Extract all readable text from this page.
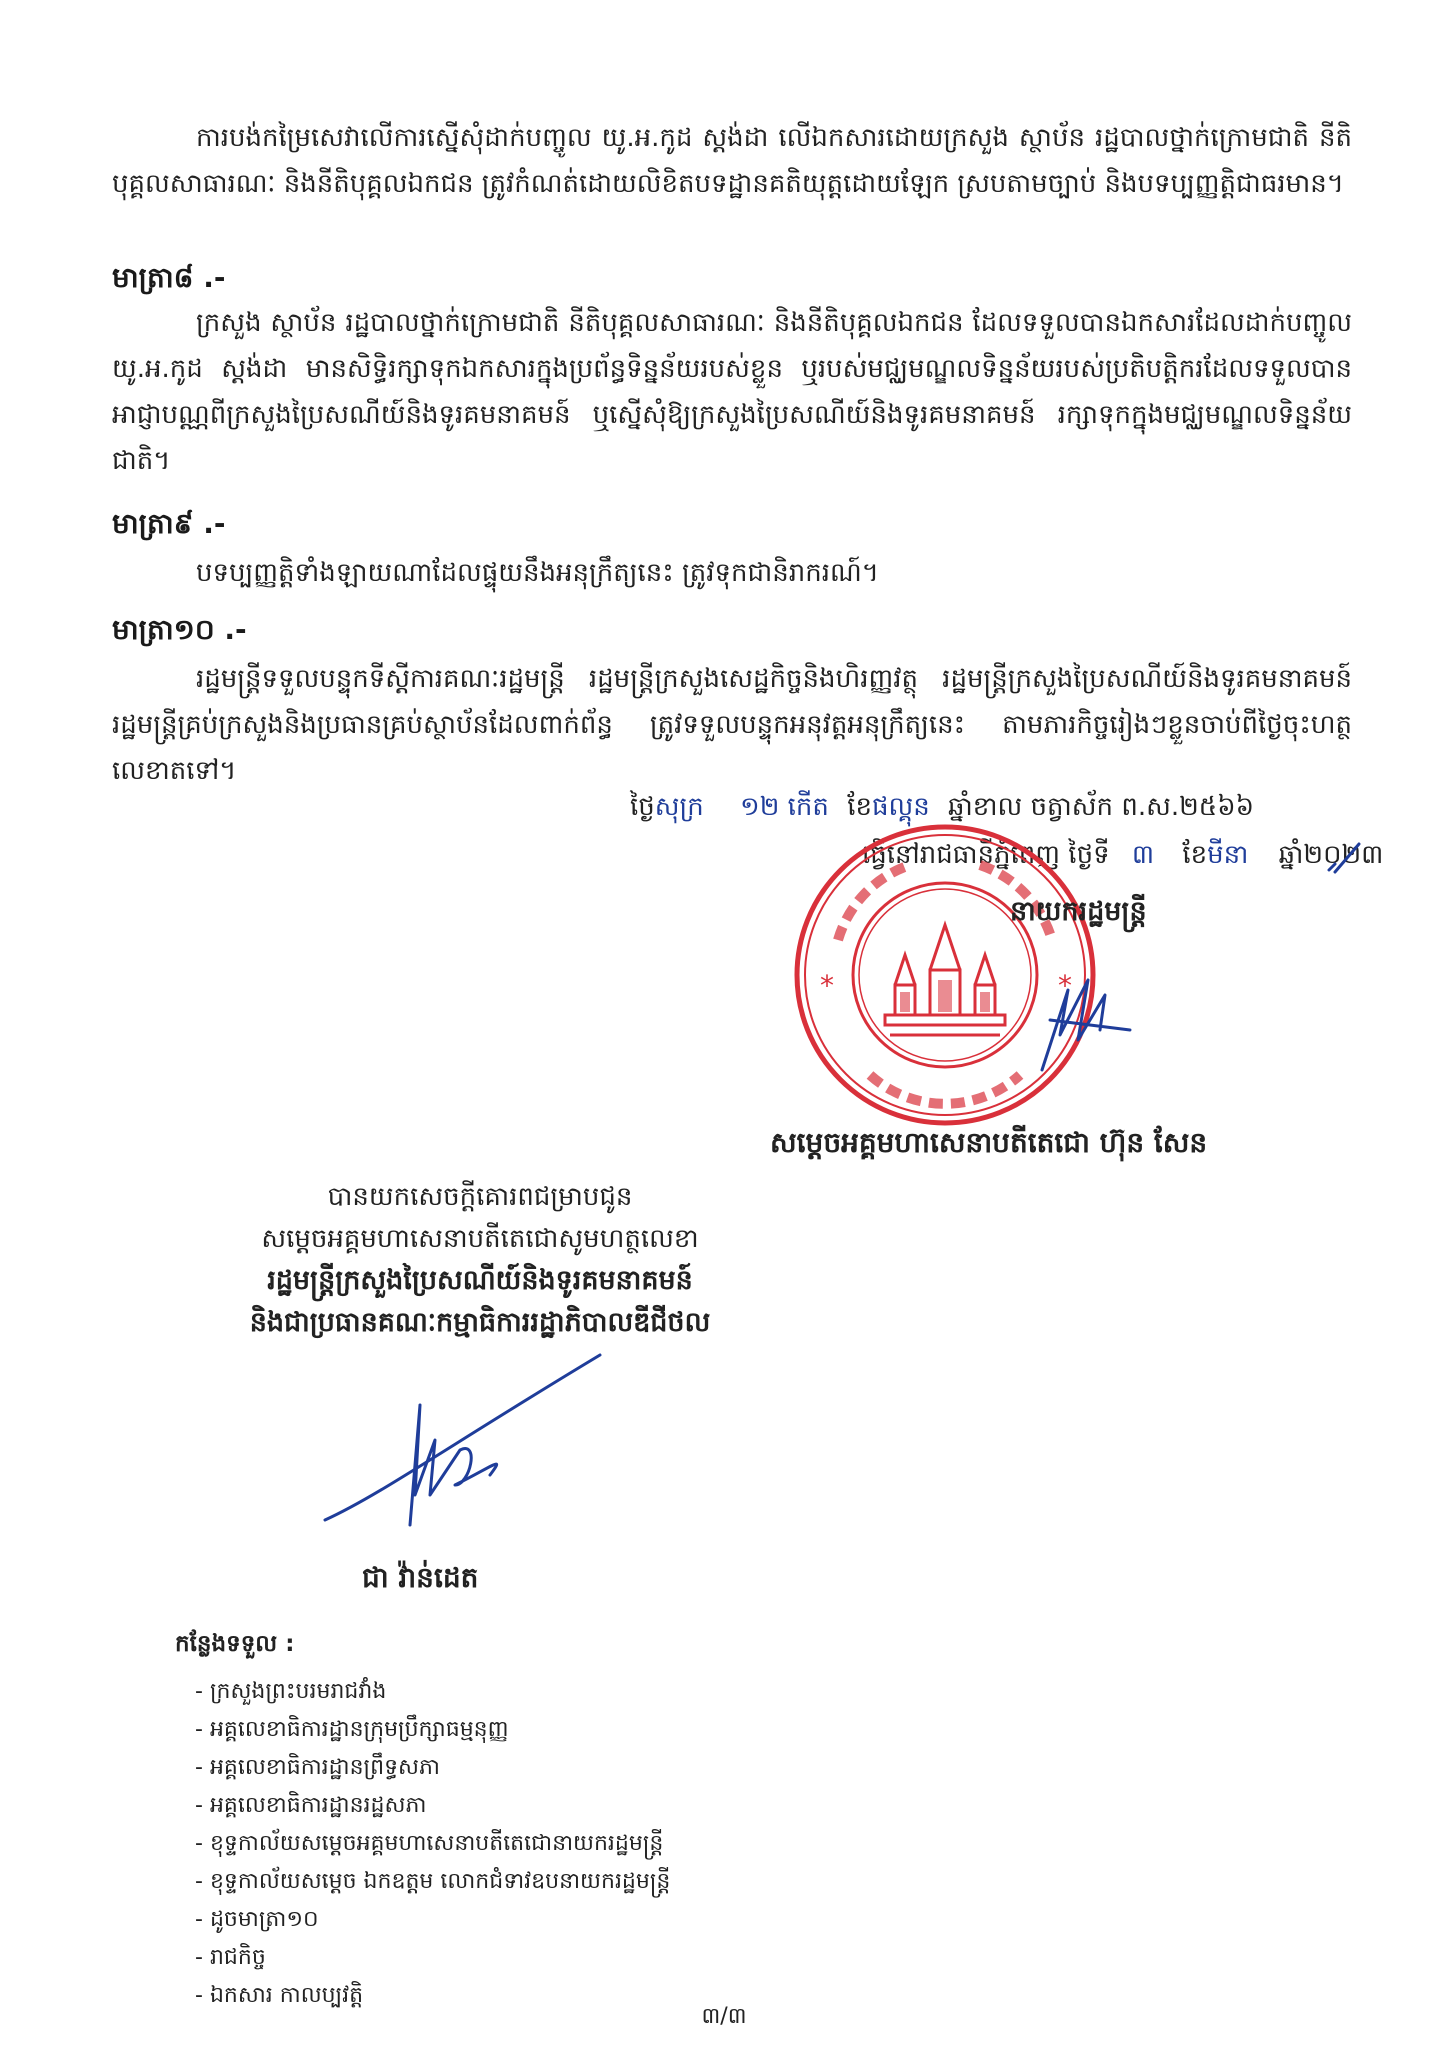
ការបង់កម្រៃសេវាលើការស្នើសុំដាក់បញ្ចូល យូ.អ.កូដ ស្តង់ដា លើឯកសារដោយក្រសួង ស្ថាប័ន រដ្ឋបាលថ្នាក់ក្រោមជាតិ នីតិបុគ្គលសាធារណៈ និងនីតិបុគ្គលឯកជន ត្រូវកំណត់ដោយលិខិតបទដ្ឋានគតិយុត្តដោយឡែក ស្របតាមច្បាប់ និងបទប្បញ្ញត្តិជាធរមាន។
មាត្រា៨ .-
ក្រសួង ស្ថាប័ន រដ្ឋបាលថ្នាក់ក្រោមជាតិ នីតិបុគ្គលសាធារណៈ និងនីតិបុគ្គលឯកជន ដែលទទួលបានឯកសារដែលដាក់បញ្ចូល យូ.អ.កូដ ស្តង់ដា មានសិទ្ធិរក្សាទុកឯកសារក្នុងប្រព័ន្ធទិន្នន័យរបស់ខ្លួន ឬរបស់មជ្ឈមណ្ឌលទិន្នន័យរបស់ប្រតិបត្តិករដែលទទួលបានអាជ្ញាបណ្ណពីក្រសួងប្រៃសណីយ៍និងទូរគមនាគមន៍ ឬស្នើសុំឱ្យក្រសួងប្រៃសណីយ៍និងទូរគមនាគមន៍ រក្សាទុកក្នុងមជ្ឈមណ្ឌលទិន្នន័យជាតិ។
មាត្រា៩ .-
បទប្បញ្ញត្តិទាំងឡាយណាដែលផ្ទុយនឹងអនុក្រឹត្យនេះ ត្រូវទុកជានិរាករណ៍។
មាត្រា១០ .-
រដ្ឋមន្ត្រីទទួលបន្ទុកទីស្តីការគណៈរដ្ឋមន្ត្រី រដ្ឋមន្ត្រីក្រសួងសេដ្ឋកិច្ចនិងហិរញ្ញវត្ថុ រដ្ឋមន្ត្រីក្រសួងប្រៃសណីយ៍និងទូរគមនាគមន៍ រដ្ឋមន្ត្រីគ្រប់ក្រសួងនិងប្រធានគ្រប់ស្ថាប័នដែលពាក់ព័ន្ធ ត្រូវទទួលបន្ទុកអនុវត្តអនុក្រឹត្យនេះ តាមភារកិច្ចរៀងៗខ្លួនចាប់ពីថ្ងៃចុះហត្ថលេខាតទៅ។
ថ្ងៃសុក្រ ១២ កើត ខែផល្គុន ឆ្នាំខាល ចត្វាស័ក ព.ស.២៥៦៦
ធ្វើនៅរាជធានីភ្នំពេញ ថ្ងៃទី ៣ ខែមីនា ឆ្នាំ២០២៣
*	*
នាយករដ្ឋមន្ត្រី
សម្តេចអគ្គមហាសេនាបតីតេជោ ហ៊ុន សែន
បានយកសេចក្តីគោរពជម្រាបជូន
សម្តេចអគ្គមហាសេនាបតីតេជោសូមហត្ថលេខា
រដ្ឋមន្ត្រីក្រសួងប្រៃសណីយ៍និងទូរគមនាគមន៍
និងជាប្រធានគណៈកម្មាធិការរដ្ឋាភិបាលឌីជីថល
ជា វ៉ាន់ដេត
កន្លែងទទួល :
- ក្រសួងព្រះបរមរាជវាំង
- អគ្គលេខាធិការដ្ឋានក្រុមប្រឹក្សាធម្មនុញ្ញ
- អគ្គលេខាធិការដ្ឋានព្រឹទ្ធសភា
- អគ្គលេខាធិការដ្ឋានរដ្ឋសភា
- ខុទ្ទកាល័យសម្តេចអគ្គមហាសេនាបតីតេជោនាយករដ្ឋមន្ត្រី
- ខុទ្ទកាល័យសម្តេច ឯកឧត្តម លោកជំទាវឧបនាយករដ្ឋមន្ត្រី
- ដូចមាត្រា១០
- រាជកិច្ច
- ឯកសារ កាលប្បវត្តិ
៣/៣
